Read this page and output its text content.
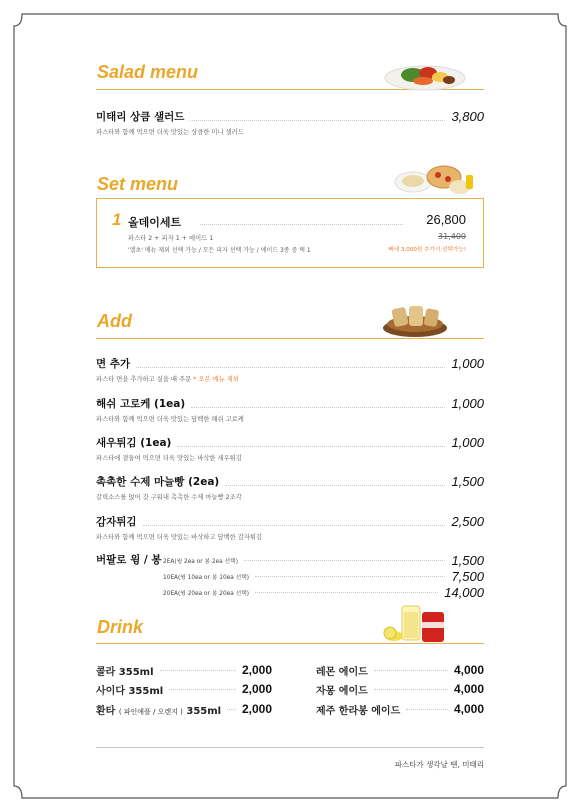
Salad menu
미태리 상큼 샐러드	3,800
파스타와 함께 먹으면 더욱 맛있는 상큼한 미니 샐러드
Set menu
1 올데이세트	26,800
파스타 2 + 피자 1 + 에이드 1	31,400
'엘초' 메뉴 제외 선택 가능 / 모든 피자 선택 가능 / 에이드 3종 중 택 1	빠네 3,000원 추가시 선택가능!
Add
면 추가	1,000
파스타 면을 추가하고 싶을 때 주문 * 오븐 메뉴 제외
해쉬 고로케 (1ea)	1,000
파스타와 함께 먹으면 더욱 맛있는 담백한 해쉬 고로케
새우튀김 (1ea)	1,000
파스타에 곁들여 먹으면 더욱 맛있는 바삭한 새우튀김
촉촉한 수제 마늘빵 (2ea)	1,500
갈릭소스를 얹어 갓 구워내 촉촉한 수제 마늘빵 2조각
감자튀김	2,500
파스타와 함께 먹으면 더욱 맛있는 바삭하고 담백한 감자튀김
버팔로 윙 / 봉 2EA(윙 2ea or 봉 2ea 선택)	1,500
10EA(윙 10ea or 봉 10ea 선택)	7,500
20EA(윙 20ea or 봉 20ea 선택)	14,000
Drink
콜라 355ml	2,000
사이다 355ml	2,000
환타 ( 파인애플 / 오렌지 ) 355ml 2,000
레몬 에이드	4,000
자몽 에이드	4,000
제주 한라봉 에이드	4,000
파스타가 생각날 땐, 미태리
